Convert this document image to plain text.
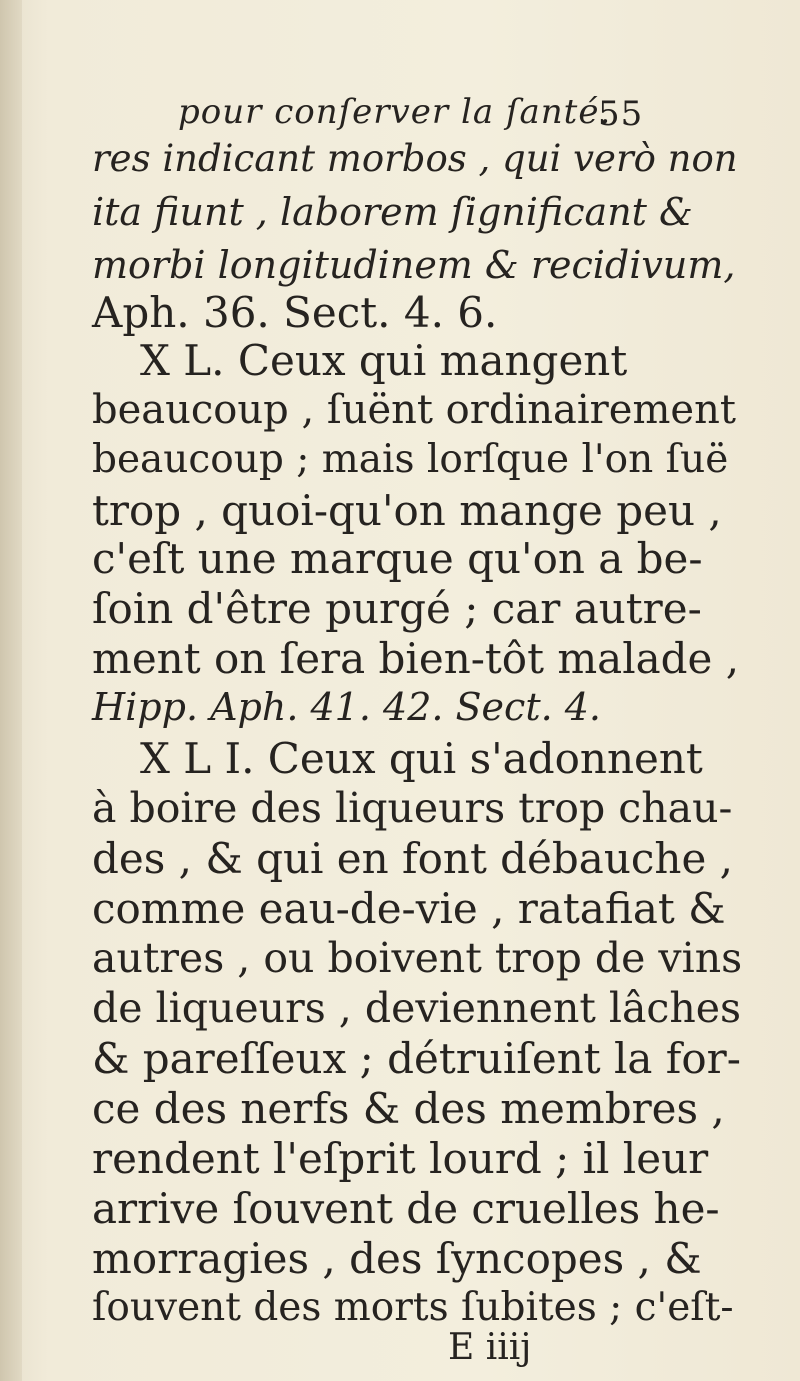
pour conſerver la ſanté.
55
res indicant morbos , qui verò non
ita fiunt , laborem ſignificant &
morbi longitudinem & recidivum,
Aph. 36. Sect. 4. 6.
X L. Ceux qui mangent
beaucoup , ſuënt ordinairement
beaucoup ; mais lorſque l'on ſuë
trop , quoi-qu'on mange peu ,
c'eſt une marque qu'on a be-
ſoin d'être purgé ; car autre-
ment on ſera bien-tôt malade ,
Hipp. Aph. 41. 42. Sect. 4.
X L I. Ceux qui s'adonnent
à boire des liqueurs trop chau-
des , & qui en font débauche ,
comme eau-de-vie , ratafiat &
autres , ou boivent trop de vins
de liqueurs , deviennent lâches
& pareſſeux ; détruiſent la for-
ce des nerfs & des membres ,
rendent l'eſprit lourd ; il leur
arrive ſouvent de cruelles he-
morragies , des ſyncopes , &
ſouvent des morts ſubites ; c'eſt-
E iiij
